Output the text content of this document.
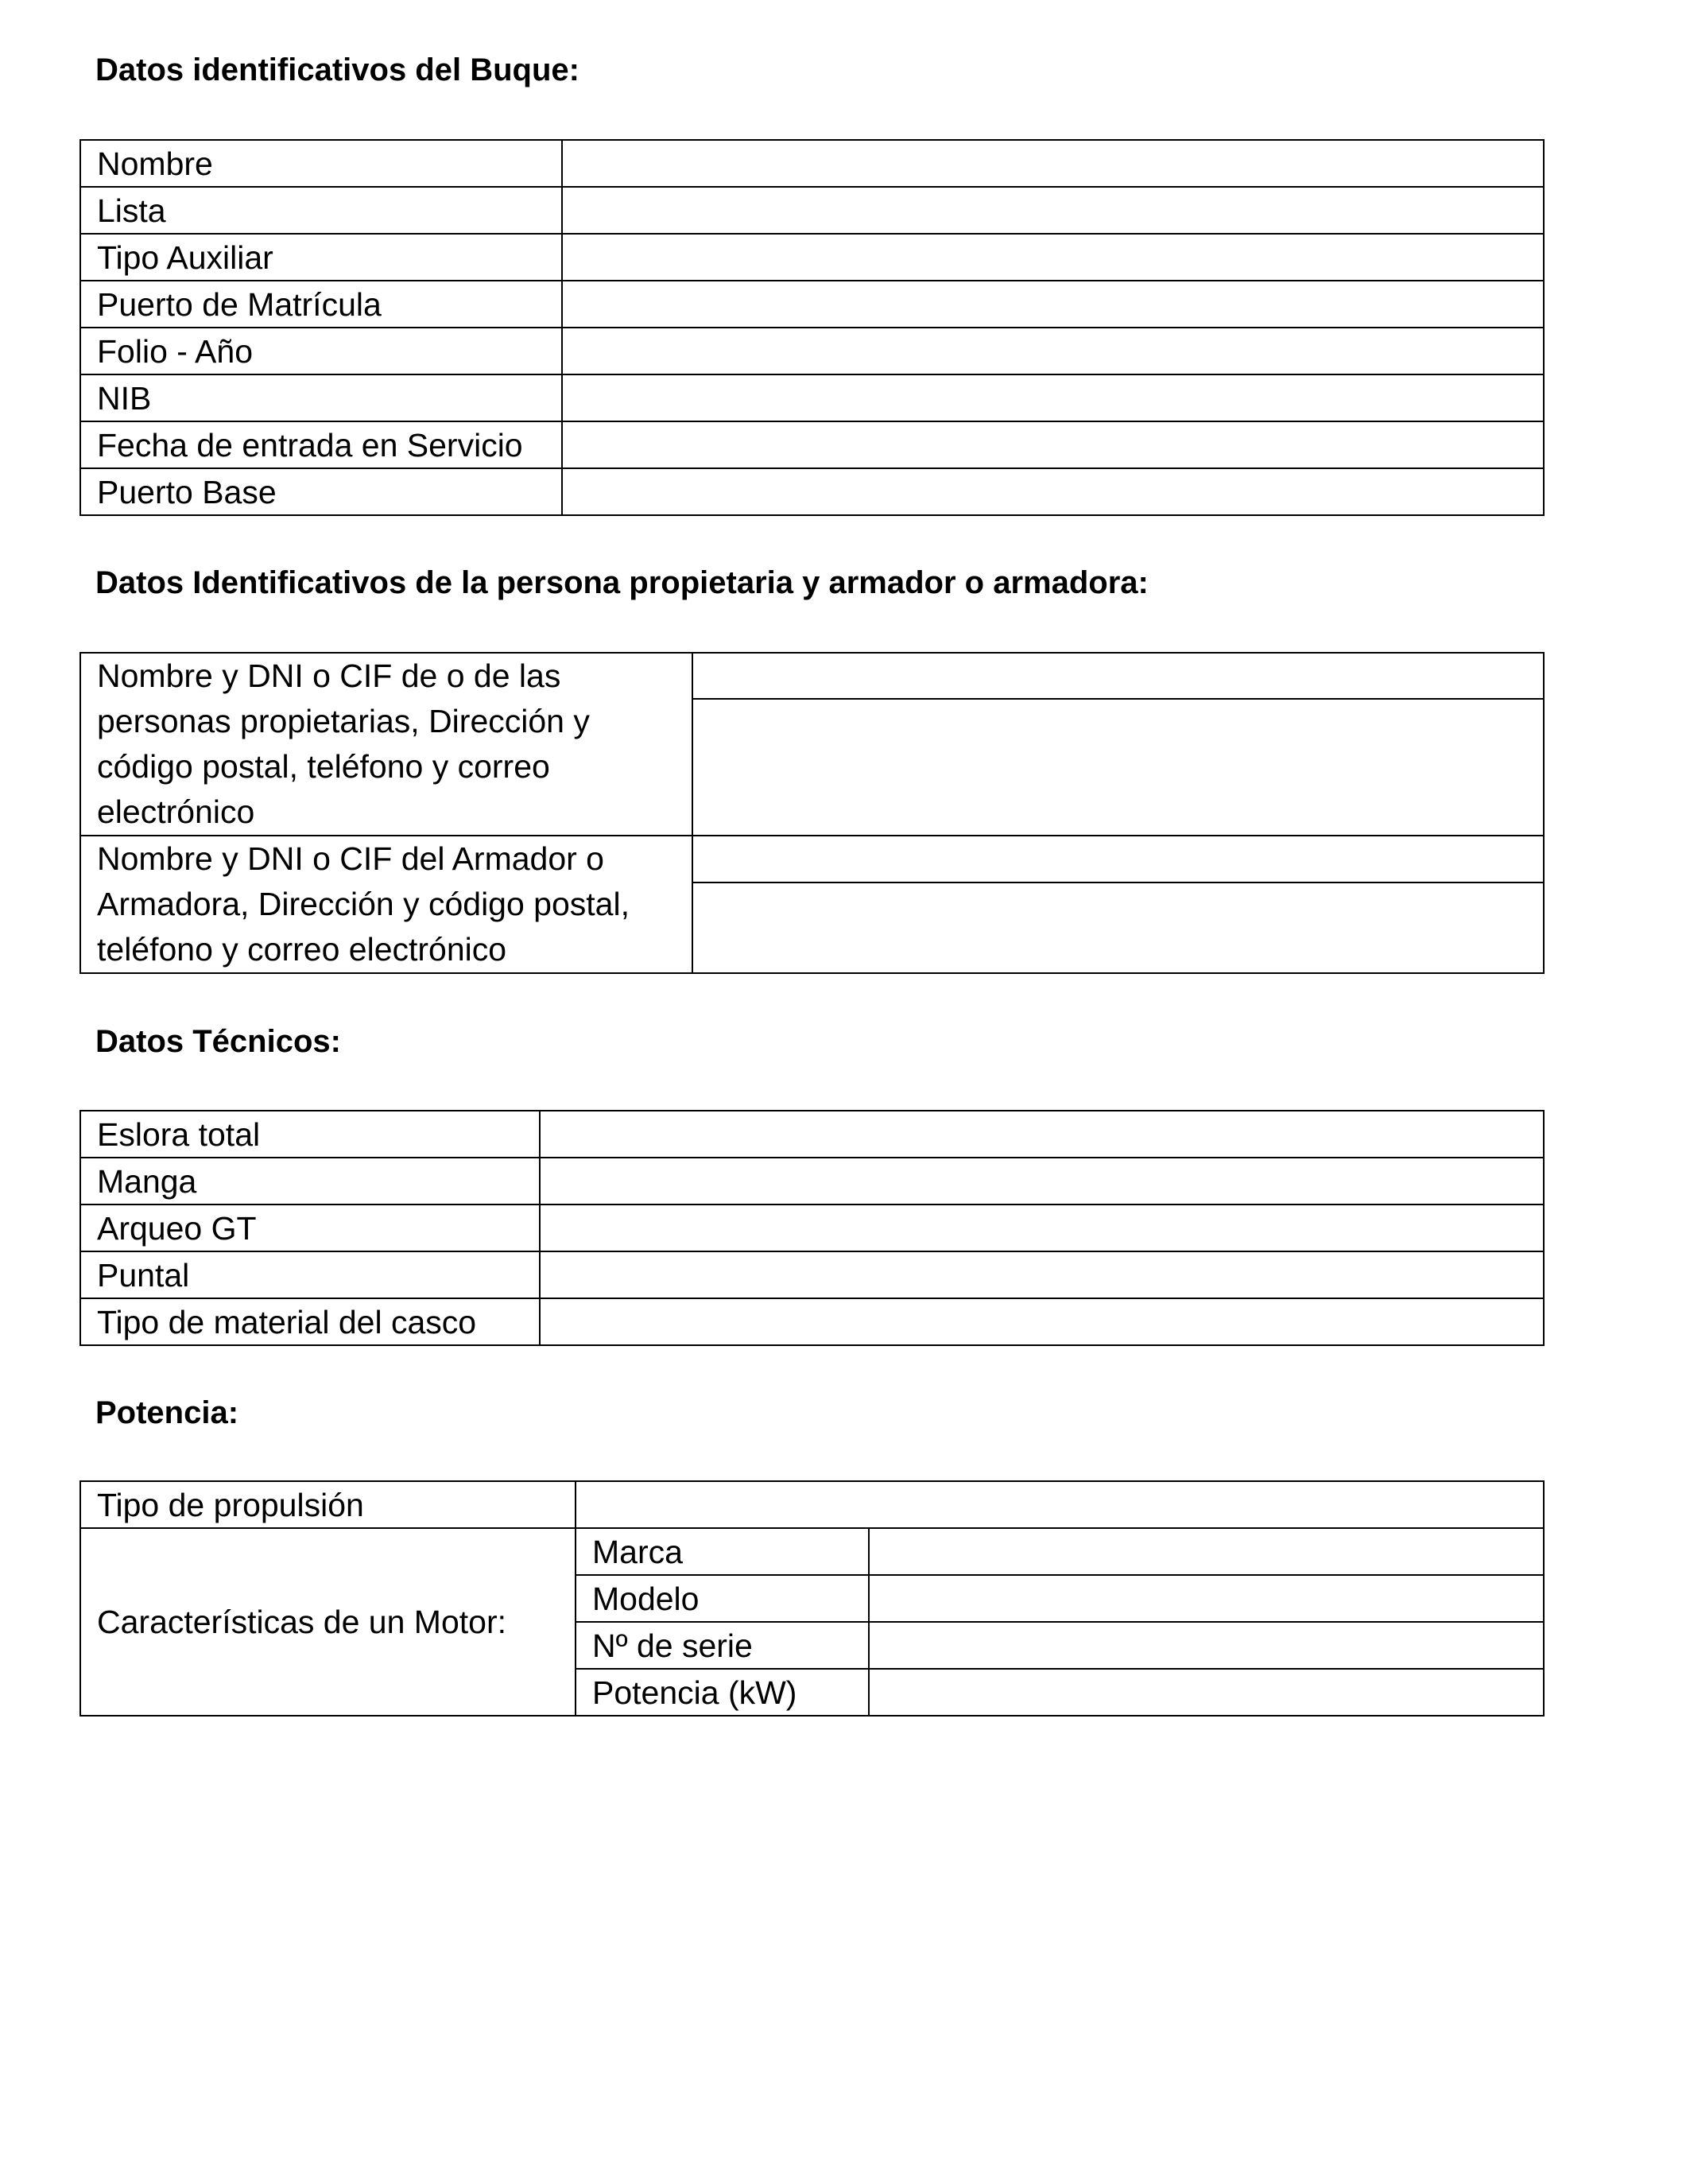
Datos identificativos del Buque:
Nombre	
Lista	
Tipo Auxiliar	
Puerto de Matrícula	
Folio - Año	
NIB	
Fecha de entrada en Servicio	
Puerto Base	
Datos Identificativos de la persona propietaria y armador o armadora:
Nombre y DNI o CIF de o de las personas propietarias, Dirección y código postal, teléfono y correo electrónico	

Nombre y DNI o CIF del Armador o Armadora, Dirección y código postal, teléfono y correo electrónico	

Datos Técnicos:
Eslora total	
Manga	
Arqueo GT	
Puntal	
Tipo de material del casco	
Potencia:
Tipo de propulsión		
Características de un Motor:	Marca	
	Modelo	
	Nº de serie	
	Potencia (kW)	
